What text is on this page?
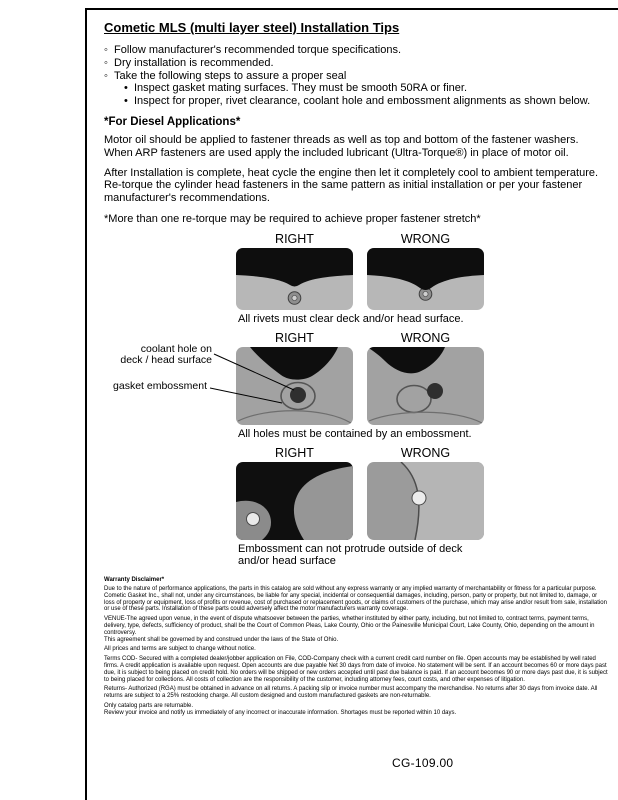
Cometic MLS (multi layer steel) Installation Tips
◦ Follow manufacturer's recommended torque specifications.
◦ Dry installation is recommended.
◦ Take the following steps to assure a proper seal
• Inspect gasket mating surfaces. They must be smooth 50RA or finer.
• Inspect for proper, rivet clearance, coolant hole and embossment alignments as shown below.
*For Diesel Applications*
Motor oil should be applied to fastener threads as well as top and bottom of the fastener washers. When ARP fasteners are used apply the included lubricant (Ultra-Torque®) in place of motor oil.
After Installation is complete, heat cycle the engine then let it completely cool to ambient temperature. Re-torque the cylinder head fasteners in the same pattern as initial installation or per your fastener manufacturer's recommendations.
*More than one re-torque may be required to achieve proper fastener stretch*
RIGHT	WRONG
All rivets must clear deck and/or head surface.
coolant hole on
deck / head surface
gasket embossment
RIGHT	WRONG
All holes must be contained by an embossment.
RIGHT	WRONG
Embossment can not protrude outside of deck and/or head surface
Warranty Disclaimer*
Due to the nature of performance applications, the parts in this catalog are sold without any express warranty or any implied warranty of merchantability or fitness for a particular purpose. Cometic Gasket Inc., shall not, under any circumstances, be liable for any special, incidental or consequential damages, including, person, party or property, but not limited to, damage, or loss of property or equipment, loss of profits or revenue, cost of purchased or replacement goods, or claims of customers of the purchase, which may arise and/or result from sale, installation or use of these parts. Installation of these parts could adversely affect the motor manufacturers warranty coverage.
VENUE-The agreed upon venue, in the event of dispute whatsoever between the parties, whether instituted by either party, including, but not limited to, contract terms, payment terms, delivery, type, defects, sufficiency of product, shall be the Court of Common Pleas, Lake County, Ohio or the Painesville Municipal Court, Lake County, Ohio, depending on the amount in controversy.
This agreement shall be governed by and construed under the laws of the State of Ohio.
All prices and terms are subject to change without notice.
Terms COD- Secured with a completed dealer/jobber application on File, COD-Company check with a current credit card number on file. Open accounts may be established by well rated firms. A credit application is available upon request. Open accounts are due payable Net 30 days from date of invoice. No statement will be sent. If an account becomes 60 or more days past due, it is subject to being placed on credit hold. No orders will be shipped or new orders accepted until past due balance is paid. If an account becomes 90 or more days past due, it is subject to being placed for collections. All costs of collection are the responsibility of the customer, including attorney fees, court costs, and other expenses of litigation.
Returns- Authorized (RGA) must be obtained in advance on all returns. A packing slip or invoice number must accompany the merchandise. No returns after 30 days from invoice date. All returns are subject to a 25% restocking charge. All custom designed and custom manufactured gaskets are non-returnable.
Only catalog parts are returnable.
Review your invoice and notify us immediately of any incorrect or inaccurate information. Shortages must be reported within 10 days.
CG-109.00
